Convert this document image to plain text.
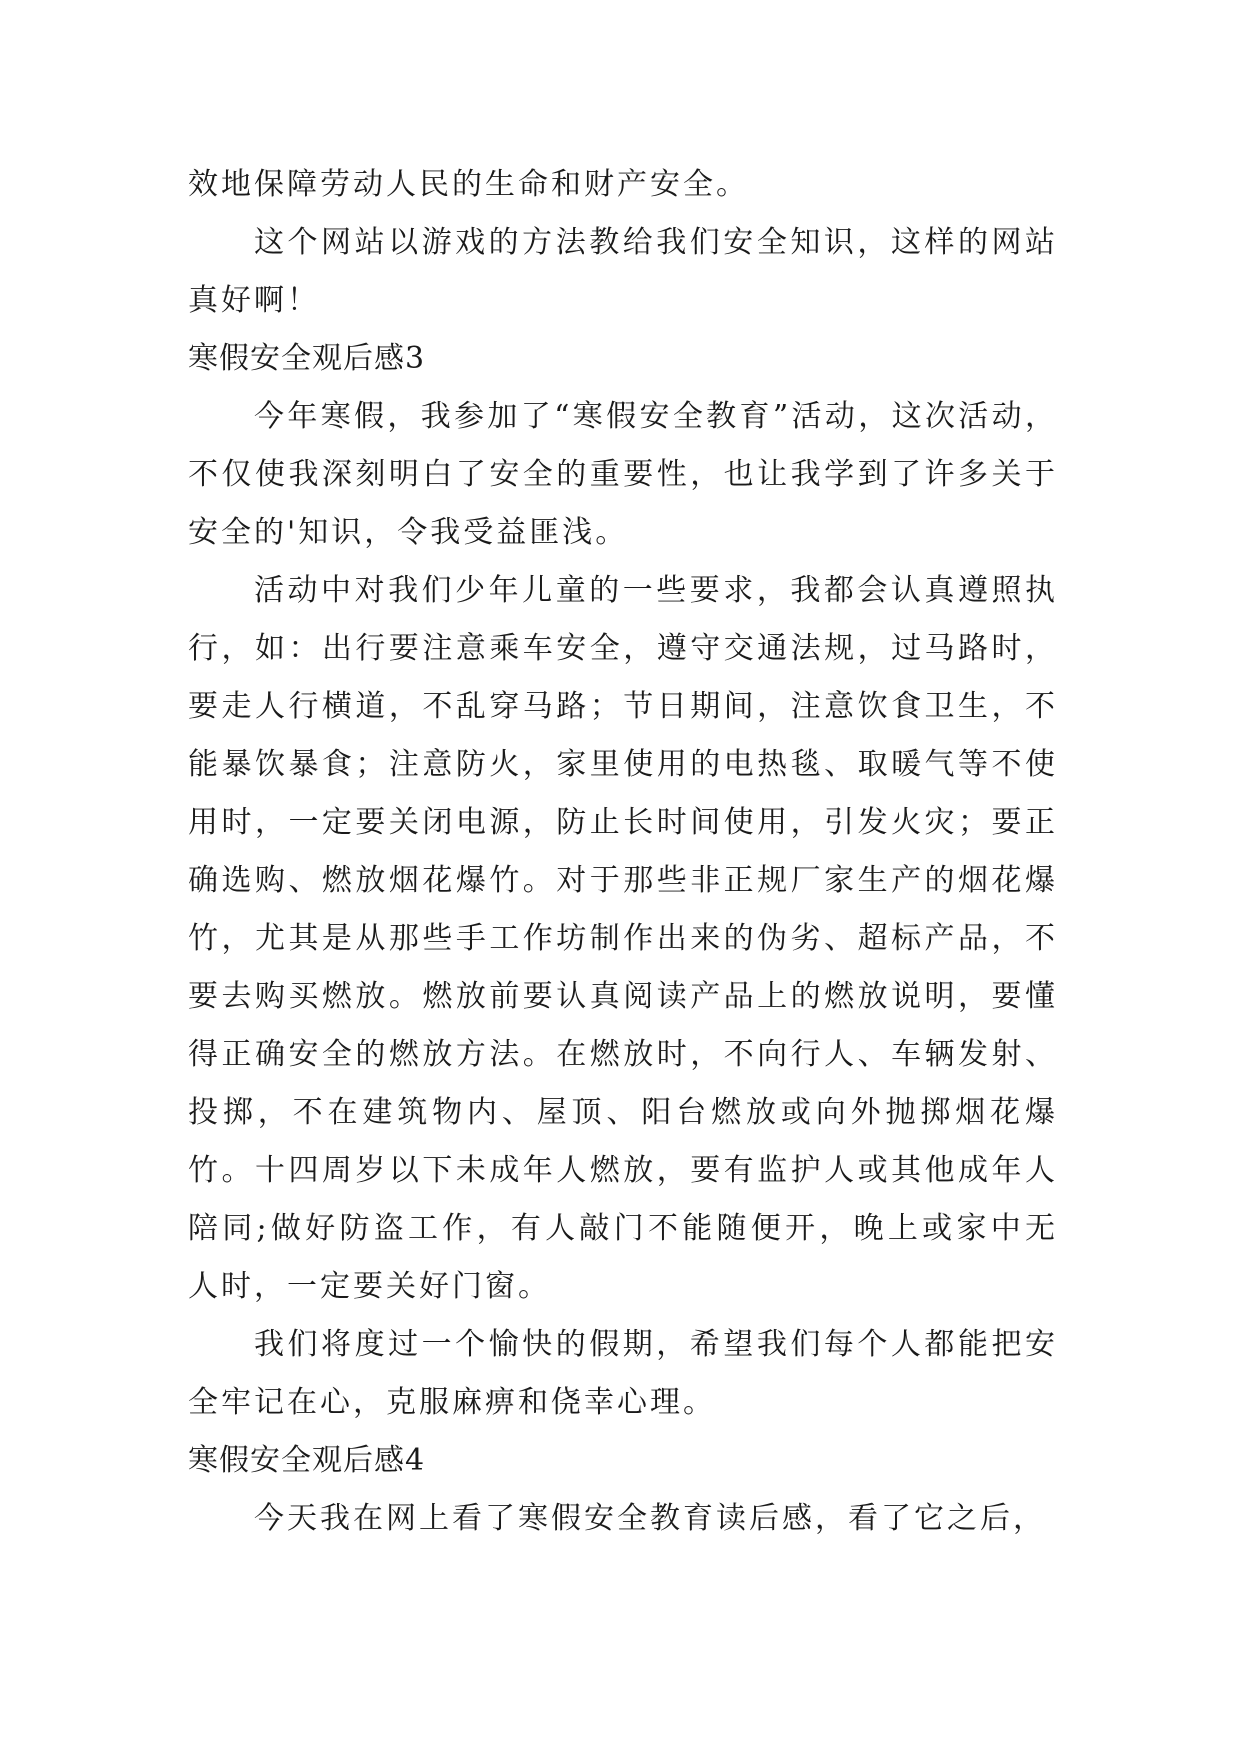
效地保障劳动人民的生命和财产安全。

这个网站以游戏的方法教给我们安全知识，这样的网站真好啊！

寒假安全观后感3

今年寒假，我参加了“寒假安全教育”活动，这次活动，不仅使我深刻明白了安全的重要性，也让我学到了许多关于安全的'知识，令我受益匪浅。

活动中对我们少年儿童的一些要求，我都会认真遵照执行，如：出行要注意乘车安全，遵守交通法规，过马路时，要走人行横道，不乱穿马路；节日期间，注意饮食卫生，不能暴饮暴食；注意防火，家里使用的电热毯、取暖气等不使用时，一定要关闭电源，防止长时间使用，引发火灾；要正确选购、燃放烟花爆竹。对于那些非正规厂家生产的烟花爆竹，尤其是从那些手工作坊制作出来的伪劣、超标产品，不要去购买燃放。燃放前要认真阅读产品上的燃放说明，要懂得正确安全的燃放方法。在燃放时，不向行人、车辆发射、投掷，不在建筑物内、屋顶、阳台燃放或向外抛掷烟花爆竹。十四周岁以下未成年人燃放，要有监护人或其他成年人陪同;做好防盗工作，有人敲门不能随便开，晚上或家中无人时，一定要关好门窗。

我们将度过一个愉快的假期，希望我们每个人都能把安全牢记在心，克服麻痹和侥幸心理。

寒假安全观后感4

今天我在网上看了寒假安全教育读后感，看了它之后，
